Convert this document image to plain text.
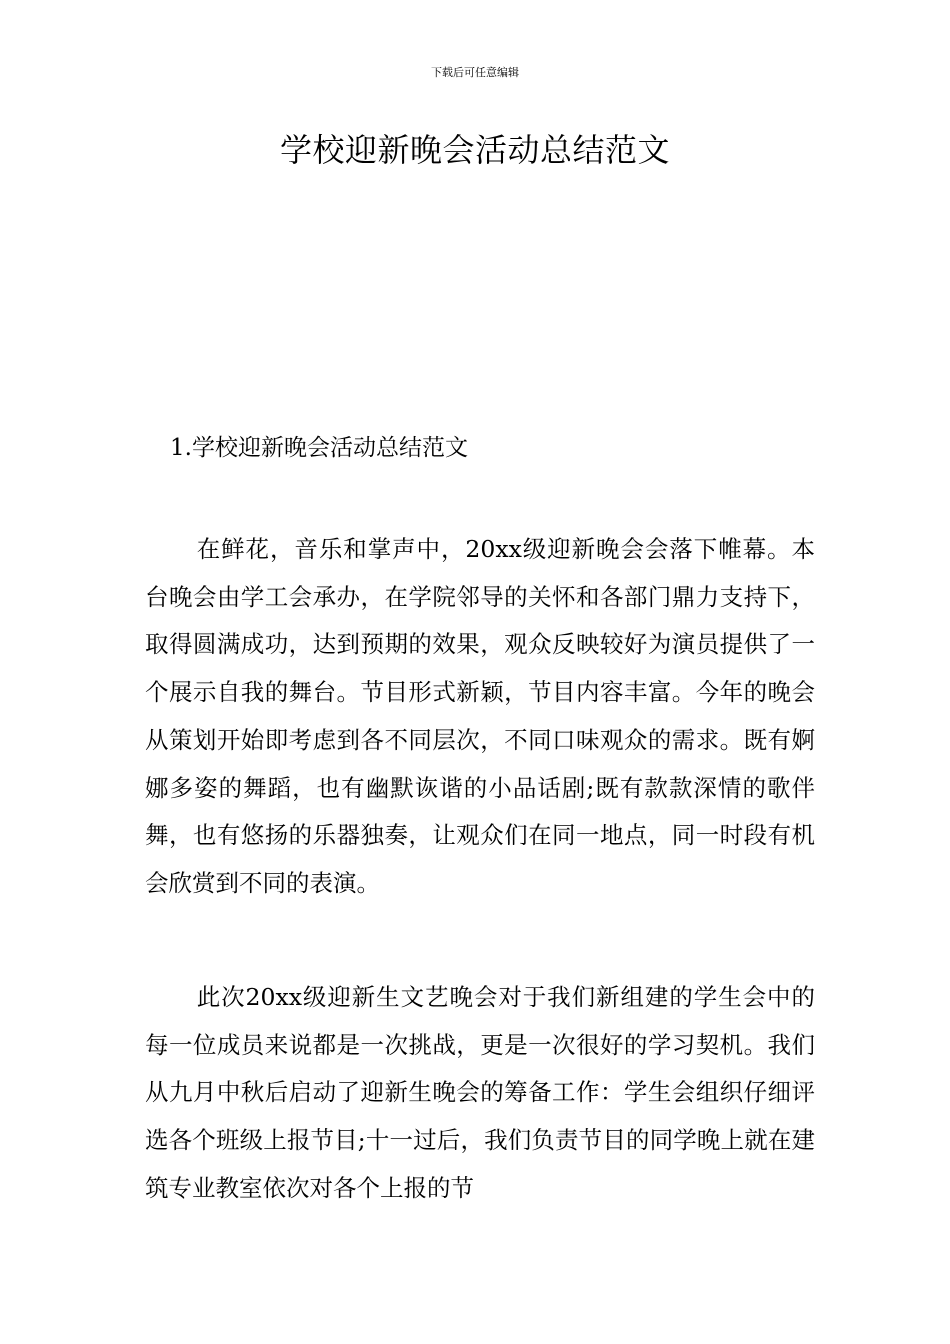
下载后可任意编辑
学校迎新晚会活动总结范文
1.学校迎新晚会活动总结范文

在鲜花，音乐和掌声中，20xx级迎新晚会会落下帷幕。本台晚会由学工会承办，在学院邻导的关怀和各部门鼎力支持下，取得圆满成功，达到预期的效果，观众反映较好为演员提供了一个展示自我的舞台。节目形式新颖，节目内容丰富。今年的晚会从策划开始即考虑到各不同层次，不同口味观众的需求。既有婀娜多姿的舞蹈，也有幽默诙谐的小品话剧;既有款款深情的歌伴舞，也有悠扬的乐器独奏，让观众们在同一地点，同一时段有机会欣赏到不同的表演。

此次20xx级迎新生文艺晚会对于我们新组建的学生会中的每一位成员来说都是一次挑战，更是一次很好的学习契机。我们从九月中秋后启动了迎新生晚会的筹备工作：学生会组织仔细评选各个班级上报节目;十一过后，我们负责节目的同学晚上就在建筑专业教室依次对各个上报的节
